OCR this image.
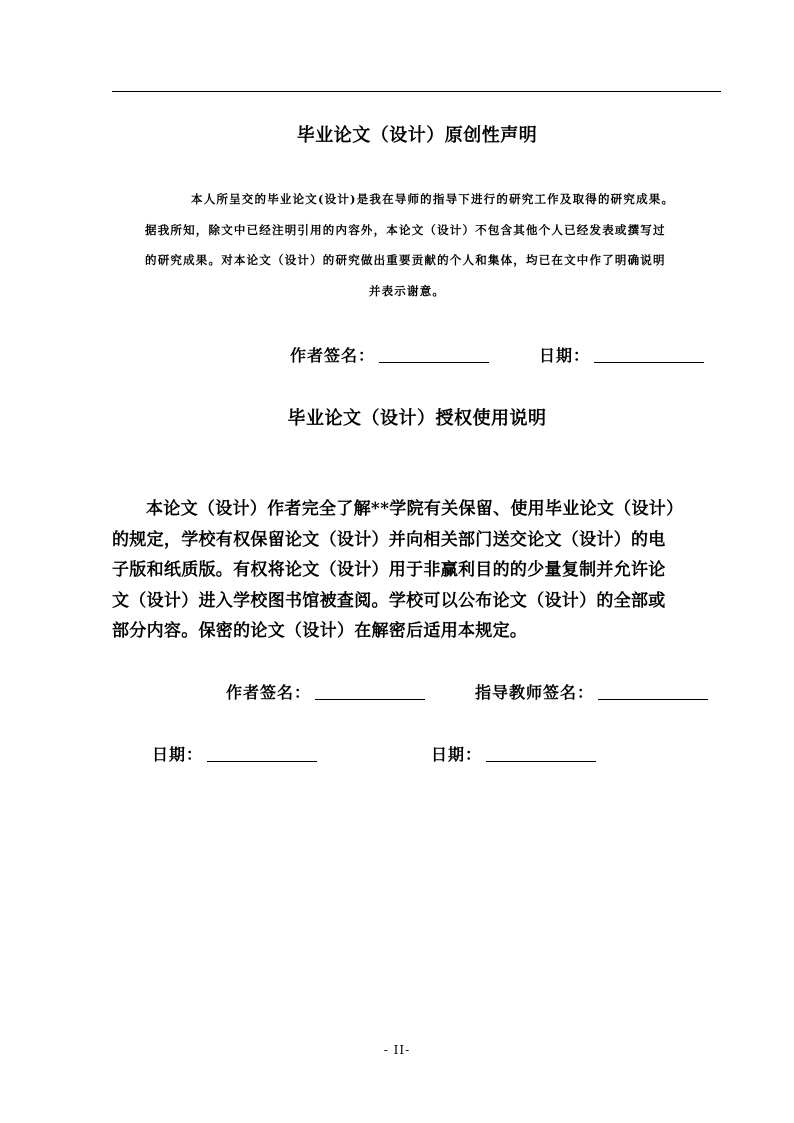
毕业论文（设计）原创性声明

本人所呈交的毕业论文(设计)是我在导师的指导下进行的研究工作及取得的研究成果。
据我所知，除文中已经注明引用的内容外，本论文（设计）不包含其他个人已经发表或撰写过
的研究成果。对本论文（设计）的研究做出重要贡献的个人和集体，均已在文中作了明确说明
并表示谢意。

作者签名：	日期：
毕业论文（设计）授权使用说明

本论文（设计）作者完全了解**学院有关保留、使用毕业论文（设计）
的规定，学校有权保留论文（设计）并向相关部门送交论文（设计）的电
子版和纸质版。有权将论文（设计）用于非赢利目的的少量复制并允许论
文（设计）进入学校图书馆被查阅。学校可以公布论文（设计）的全部或
部分内容。保密的论文（设计）在解密后适用本规定。

作者签名：	指导教师签名：
日期：	日期：
- II-
